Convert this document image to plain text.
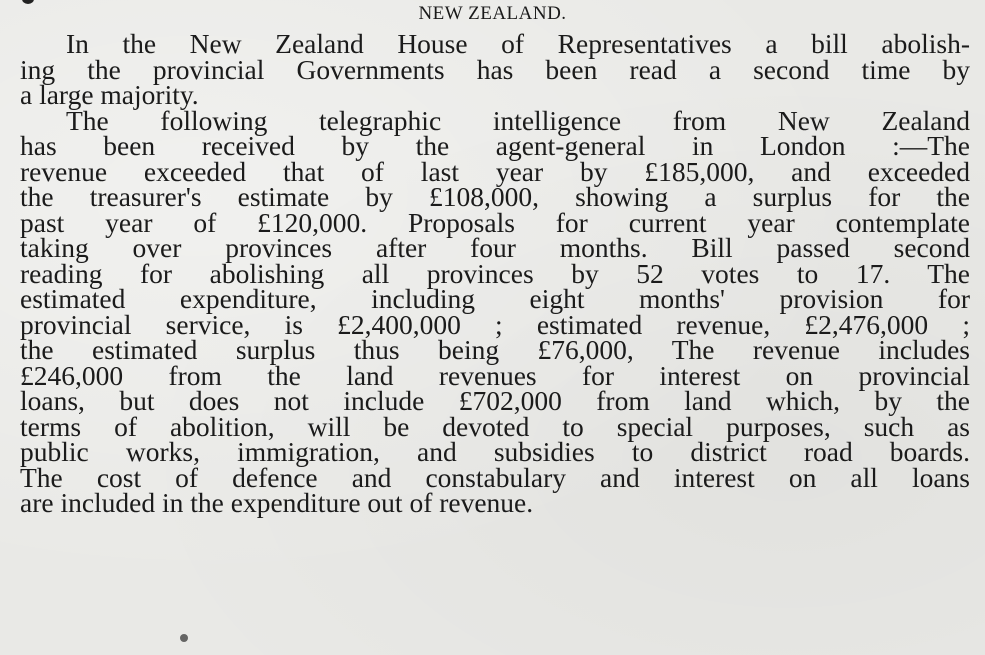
NEW ZEALAND.
In the New Zealand House of Representatives a bill abolish-
ing the provincial Governments has been read a second time by
a large majority.
The following telegraphic intelligence from New Zealand
has been received by the agent-general in London :—The
revenue exceeded that of last year by £185,000, and exceeded
the treasurer's estimate by £108,000, showing a surplus for the
past year of £120,000. Proposals for current year contemplate
taking over provinces after four months. Bill passed second
reading for abolishing all provinces by 52 votes to 17. The
estimated expenditure, including eight months' provision for
provincial service, is £2,400,000 ; estimated revenue, £2,476,000 ;
the estimated surplus thus being £76,000, The revenue includes
£246,000 from the land revenues for interest on provincial
loans, but does not include £702,000 from land which, by the
terms of abolition, will be devoted to special purposes, such as
public works, immigration, and subsidies to district road boards.
The cost of defence and constabulary and interest on all loans
are included in the expenditure out of revenue.
